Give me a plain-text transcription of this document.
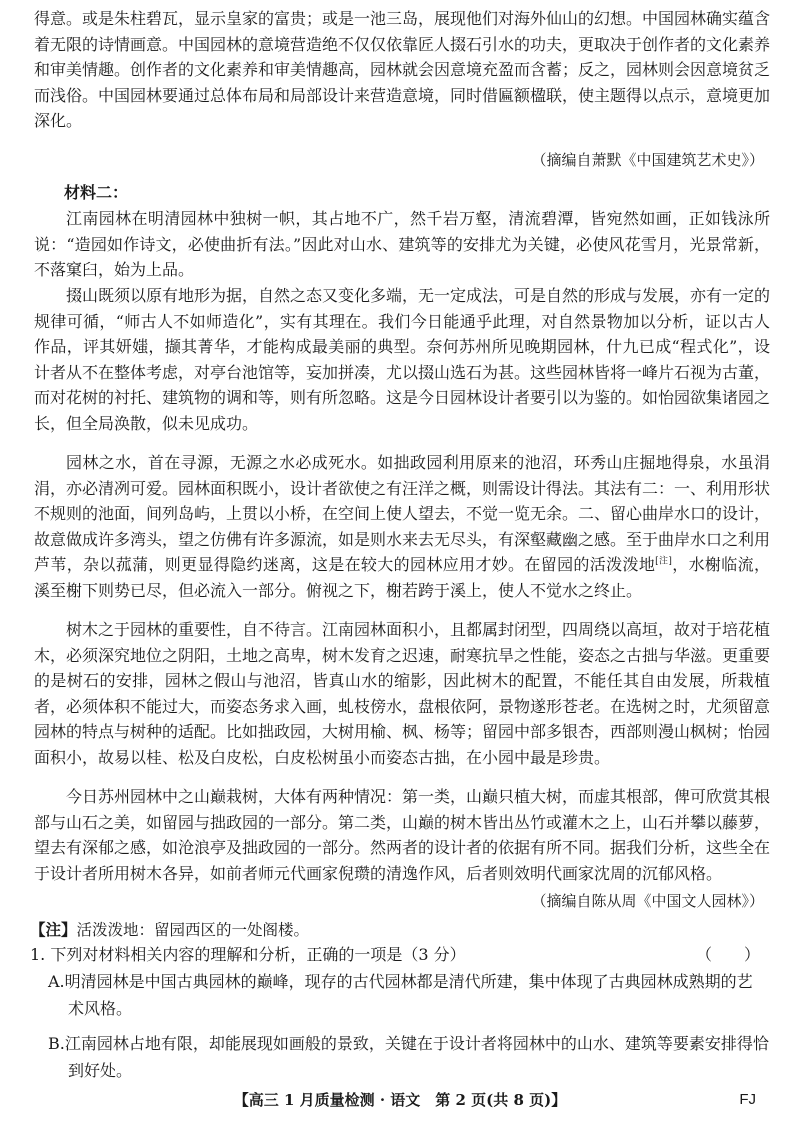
得意。或是朱柱碧瓦，显示皇家的富贵；或是一池三岛，展现他们对海外仙山的幻想。中国园林确实蕴含着无限的诗情画意。中国园林的意境营造绝不仅仅依靠匠人掇石引水的功夫，更取决于创作者的文化素养和审美情趣。创作者的文化素养和审美情趣高，园林就会因意境充盈而含蓄；反之，园林则会因意境贫乏而浅俗。中国园林要通过总体布局和局部设计来营造意境，同时借匾额楹联，使主题得以点示，意境更加深化。

（摘编自萧默《中国建筑艺术史》）
材料二：

江南园林在明清园林中独树一帜，其占地不广，然千岩万壑，清流碧潭，皆宛然如画，正如钱泳所说：“造园如作诗文，必使曲折有法。”因此对山水、建筑等的安排尤为关键，必使风花雪月，光景常新，不落窠臼，始为上品。

掇山既须以原有地形为据，自然之态又变化多端，无一定成法，可是自然的形成与发展，亦有一定的规律可循，“师古人不如师造化”，实有其理在。我们今日能通乎此理，对自然景物加以分析，证以古人作品，评其妍媸，撷其菁华，才能构成最美丽的典型。奈何苏州所见晚期园林，什九已成“程式化”，设计者从不在整体考虑，对亭台池馆等，妄加拼凑，尤以掇山选石为甚。这些园林皆将一峰片石视为古董，而对花树的衬托、建筑物的调和等，则有所忽略。这是今日园林设计者要引以为鉴的。如怡园欲集诸园之长，但全局涣散，似未见成功。

园林之水，首在寻源，无源之水必成死水。如拙政园利用原来的池沼，环秀山庄掘地得泉，水虽涓涓，亦必清冽可爱。园林面积既小，设计者欲使之有汪洋之概，则需设计得法。其法有二：一、利用形状不规则的池面，间列岛屿，上贯以小桥，在空间上使人望去，不觉一览无余。二、留心曲岸水口的设计，故意做成许多湾头，望之仿佛有许多源流，如是则水来去无尽头，有深壑藏幽之感。至于曲岸水口之利用芦苇，杂以菰蒲，则更显得隐约迷离，这是在较大的园林应用才妙。在留园的活泼泼地[注]，水榭临流，溪至榭下则势已尽，但必流入一部分。俯视之下，榭若跨于溪上，使人不觉水之终止。

树木之于园林的重要性，自不待言。江南园林面积小，且都属封闭型，四周绕以高垣，故对于培花植木，必须深究地位之阴阳，土地之高卑，树木发育之迟速，耐寒抗旱之性能，姿态之古拙与华滋。更重要的是树石的安排，园林之假山与池沼，皆真山水的缩影，因此树木的配置，不能任其自由发展，所栽植者，必须体积不能过大，而姿态务求入画，虬枝傍水，盘根依阿，景物遂形苍老。在选树之时，尤须留意园林的特点与树种的适配。比如拙政园，大树用榆、枫、杨等；留园中部多银杏，西部则漫山枫树；怡园面积小，故易以桂、松及白皮松，白皮松树虽小而姿态古拙，在小园中最是珍贵。

今日苏州园林中之山巅栽树，大体有两种情况：第一类，山巅只植大树，而虚其根部，俾可欣赏其根部与山石之美，如留园与拙政园的一部分。第二类，山巅的树木皆出丛竹或灌木之上，山石并攀以藤萝，望去有深郁之感，如沧浪亭及拙政园的一部分。然两者的设计者的依据有所不同。据我们分析，这些全在于设计者所用树木各异，如前者师元代画家倪瓒的清逸作风，后者则效明代画家沈周的沉郁风格。

（摘编自陈从周《中国文人园林》）
【注】活泼泼地：留园西区的一处阁楼。
1. 下列对材料相关内容的理解和分析，正确的一项是（3 分）	（　　）
A.明清园林是中国古典园林的巅峰，现存的古代园林都是清代所建，集中体现了古典园林成熟期的艺
术风格。
B.江南园林占地有限，却能展现如画般的景致，关键在于设计者将园林中的山水、建筑等要素安排得恰
到好处。
【高三 1 月质量检测 · 语文　第 2 页(共 8 页)】	FJ
